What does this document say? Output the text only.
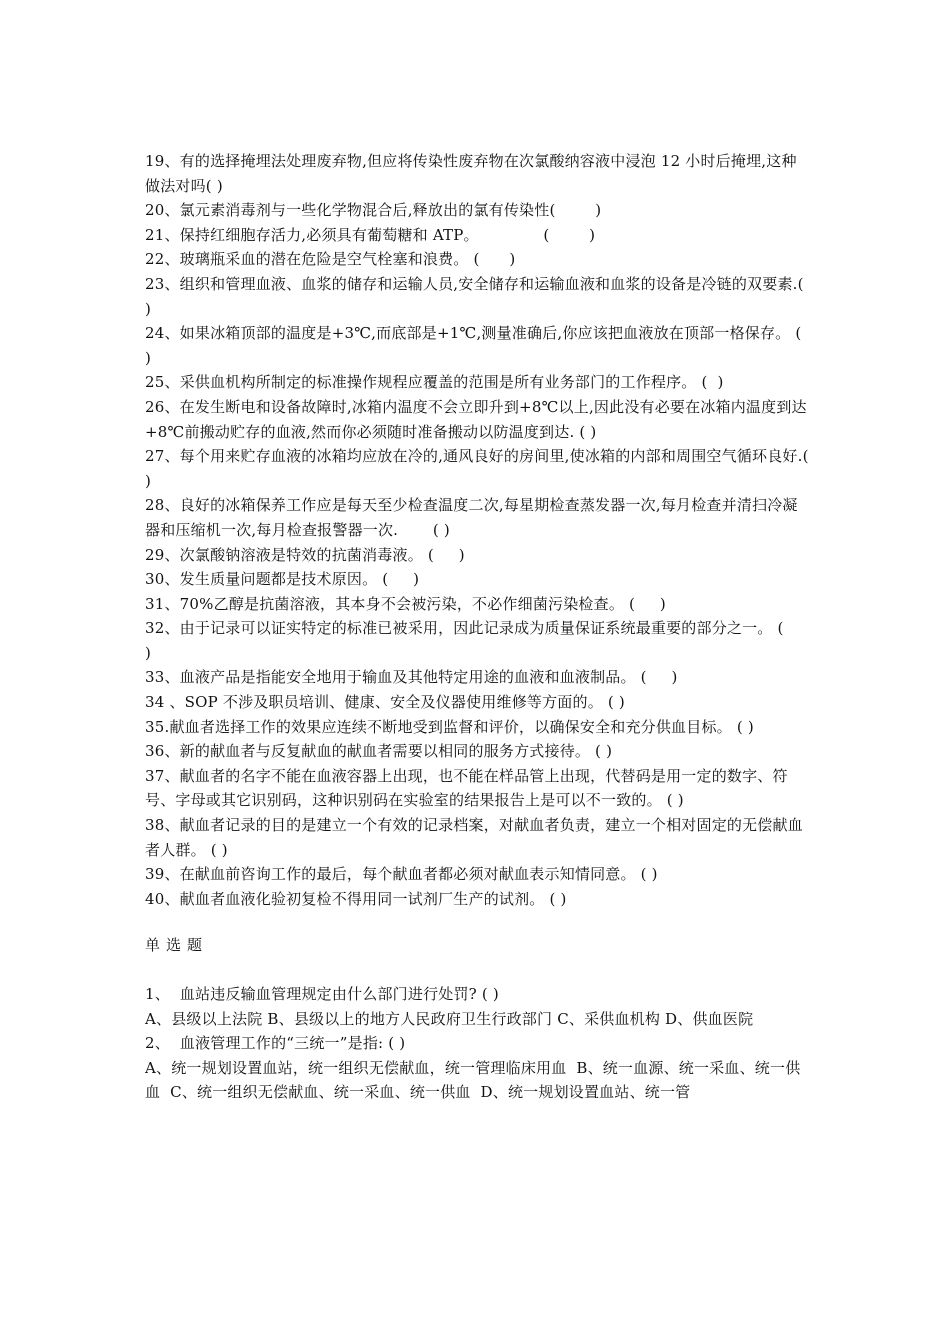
19、有的选择掩埋法处理废弃物,但应将传染性废弃物在次氯酸纳容液中浸泡 12 小时后掩埋,这种做法对吗( )

20、氯元素消毒剂与一些化学物混合后,释放出的氯有传染性(        )

21、保持红细胞存活力,必须具有葡萄糖和 ATP。             (        )

22、玻璃瓶采血的潜在危险是空气栓塞和浪费。 (      )

23、组织和管理血液、血浆的储存和运输人员,安全储存和运输血液和血浆的设备是冷链的双要素.( )

24、如果冰箱顶部的温度是+3℃,而底部是+1℃,测量准确后,你应该把血液放在顶部一格保存。 ( )

25、采供血机构所制定的标准操作规程应覆盖的范围是所有业务部门的工作程序。 (  )

26、在发生断电和设备故障时,冰箱内温度不会立即升到+8℃以上,因此没有必要在冰箱内温度到达+8℃前搬动贮存的血液,然而你必须随时准备搬动以防温度到达. ( )

27、每个用来贮存血液的冰箱均应放在冷的,通风良好的房间里,使冰箱的内部和周围空气循环良好.( )

28、良好的冰箱保养工作应是每天至少检查温度二次,每星期检查蒸发器一次,每月检查并清扫冷凝器和压缩机一次,每月检查报警器一次.       ( )

29、次氯酸钠溶液是特效的抗菌消毒液。 (     )

30、发生质量问题都是技术原因。 (     )

31、70%乙醇是抗菌溶液，其本身不会被污染，不必作细菌污染检查。 (     )

32、由于记录可以证实特定的标准已被采用，因此记录成为质量保证系统最重要的部分之一。 (     )

33、血液产品是指能安全地用于输血及其他特定用途的血液和血液制品。 (     )

34 、SOP 不涉及职员培训、健康、安全及仪器使用维修等方面的。 ( )

35.献血者选择工作的效果应连续不断地受到监督和评价，以确保安全和充分供血目标。 ( )

36、新的献血者与反复献血的献血者需要以相同的服务方式接待。 ( )

37、献血者的名字不能在血液容器上出现，也不能在样品管上出现，代替码是用一定的数字、符号、字母或其它识别码，这种识别码在实验室的结果报告上是可以不一致的。 ( )

38、献血者记录的目的是建立一个有效的记录档案，对献血者负责，建立一个相对固定的无偿献血者人群。 ( )

39、在献血前咨询工作的最后，每个献血者都必须对献血表示知情同意。 ( )

40、献血者血液化验初复检不得用同一试剂厂生产的试剂。 ( )

单选题

1、  血站违反输血管理规定由什么部门进行处罚? ( )

A、县级以上法院 B、县级以上的地方人民政府卫生行政部门 C、采供血机构 D、供血医院

2、  血液管理工作的“三统一”是指: ( )

A、统一规划设置血站，统一组织无偿献血，统一管理临床用血  B、统一血源、统一采血、统一供血  C、统一组织无偿献血、统一采血、统一供血  D、统一规划设置血站、统一管
